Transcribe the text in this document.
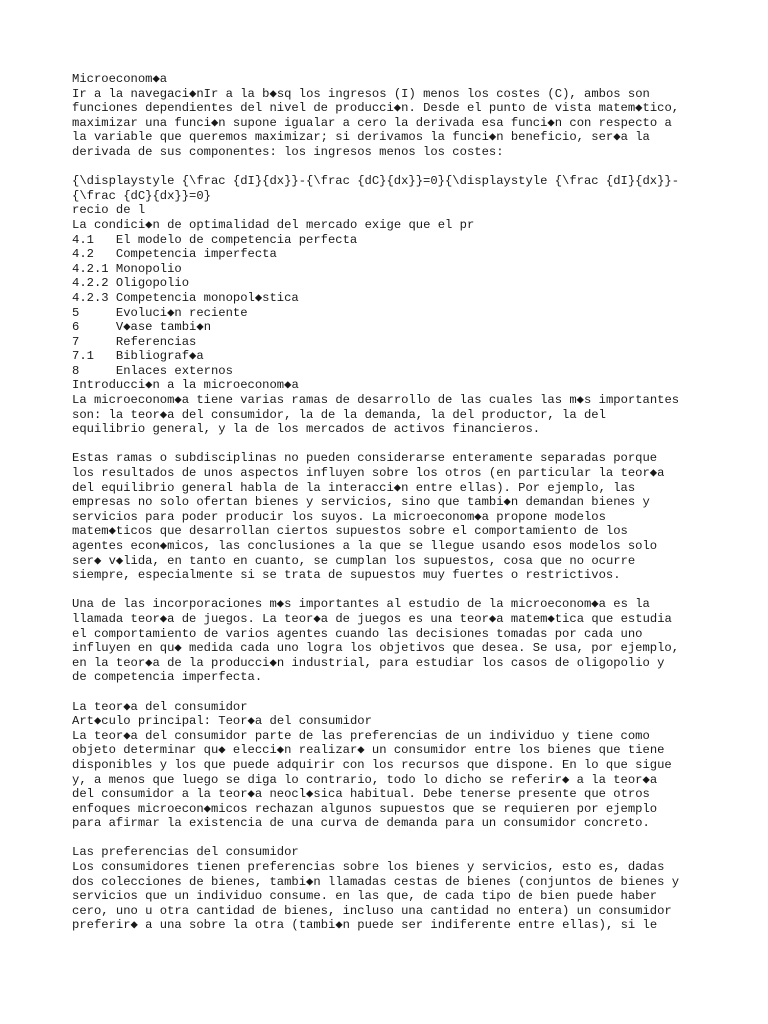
Microeconom◆a
Ir a la navegaci◆nIr a la b◆sq los ingresos (I) menos los costes (C), ambos son
funciones dependientes del nivel de producci◆n. Desde el punto de vista matem◆tico,
maximizar una funci◆n supone igualar a cero la derivada esa funci◆n con respecto a
la variable que queremos maximizar; si derivamos la funci◆n beneficio, ser◆a la
derivada de sus componentes: los ingresos menos los costes:
{\displaystyle {\frac {dI}{dx}}-{\frac {dC}{dx}}=0}{\displaystyle {\frac {dI}{dx}}-
{\frac {dC}{dx}}=0}
recio de l
La condici◆n de optimalidad del mercado exige que el pr
4.1   El modelo de competencia perfecta
4.2   Competencia imperfecta
4.2.1 Monopolio
4.2.2 Oligopolio
4.2.3 Competencia monopol◆stica
5     Evoluci◆n reciente
6     V◆ase tambi◆n
7     Referencias
7.1   Bibliograf◆a
8     Enlaces externos
Introducci◆n a la microeconom◆a
La microeconom◆a tiene varias ramas de desarrollo de las cuales las m◆s importantes
son: la teor◆a del consumidor, la de la demanda, la del productor, la del
equilibrio general, y la de los mercados de activos financieros.
Estas ramas o subdisciplinas no pueden considerarse enteramente separadas porque
los resultados de unos aspectos influyen sobre los otros (en particular la teor◆a
del equilibrio general habla de la interacci◆n entre ellas). Por ejemplo, las
empresas no solo ofertan bienes y servicios, sino que tambi◆n demandan bienes y
servicios para poder producir los suyos. La microeconom◆a propone modelos
matem◆ticos que desarrollan ciertos supuestos sobre el comportamiento de los
agentes econ◆micos, las conclusiones a la que se llegue usando esos modelos solo
ser◆ v◆lida, en tanto en cuanto, se cumplan los supuestos, cosa que no ocurre
siempre, especialmente si se trata de supuestos muy fuertes o restrictivos.
Una de las incorporaciones m◆s importantes al estudio de la microeconom◆a es la
llamada teor◆a de juegos. La teor◆a de juegos es una teor◆a matem◆tica que estudia
el comportamiento de varios agentes cuando las decisiones tomadas por cada uno
influyen en qu◆ medida cada uno logra los objetivos que desea. Se usa, por ejemplo,
en la teor◆a de la producci◆n industrial, para estudiar los casos de oligopolio y
de competencia imperfecta.
La teor◆a del consumidor
Art◆culo principal: Teor◆a del consumidor
La teor◆a del consumidor parte de las preferencias de un individuo y tiene como
objeto determinar qu◆ elecci◆n realizar◆ un consumidor entre los bienes que tiene
disponibles y los que puede adquirir con los recursos que dispone. En lo que sigue
y, a menos que luego se diga lo contrario, todo lo dicho se referir◆ a la teor◆a
del consumidor a la teor◆a neocl◆sica habitual. Debe tenerse presente que otros
enfoques microecon◆micos rechazan algunos supuestos que se requieren por ejemplo
para afirmar la existencia de una curva de demanda para un consumidor concreto.
Las preferencias del consumidor
Los consumidores tienen preferencias sobre los bienes y servicios, esto es, dadas
dos colecciones de bienes, tambi◆n llamadas cestas de bienes (conjuntos de bienes y
servicios que un individuo consume. en las que, de cada tipo de bien puede haber
cero, uno u otra cantidad de bienes, incluso una cantidad no entera) un consumidor
preferir◆ a una sobre la otra (tambi◆n puede ser indiferente entre ellas), si le
